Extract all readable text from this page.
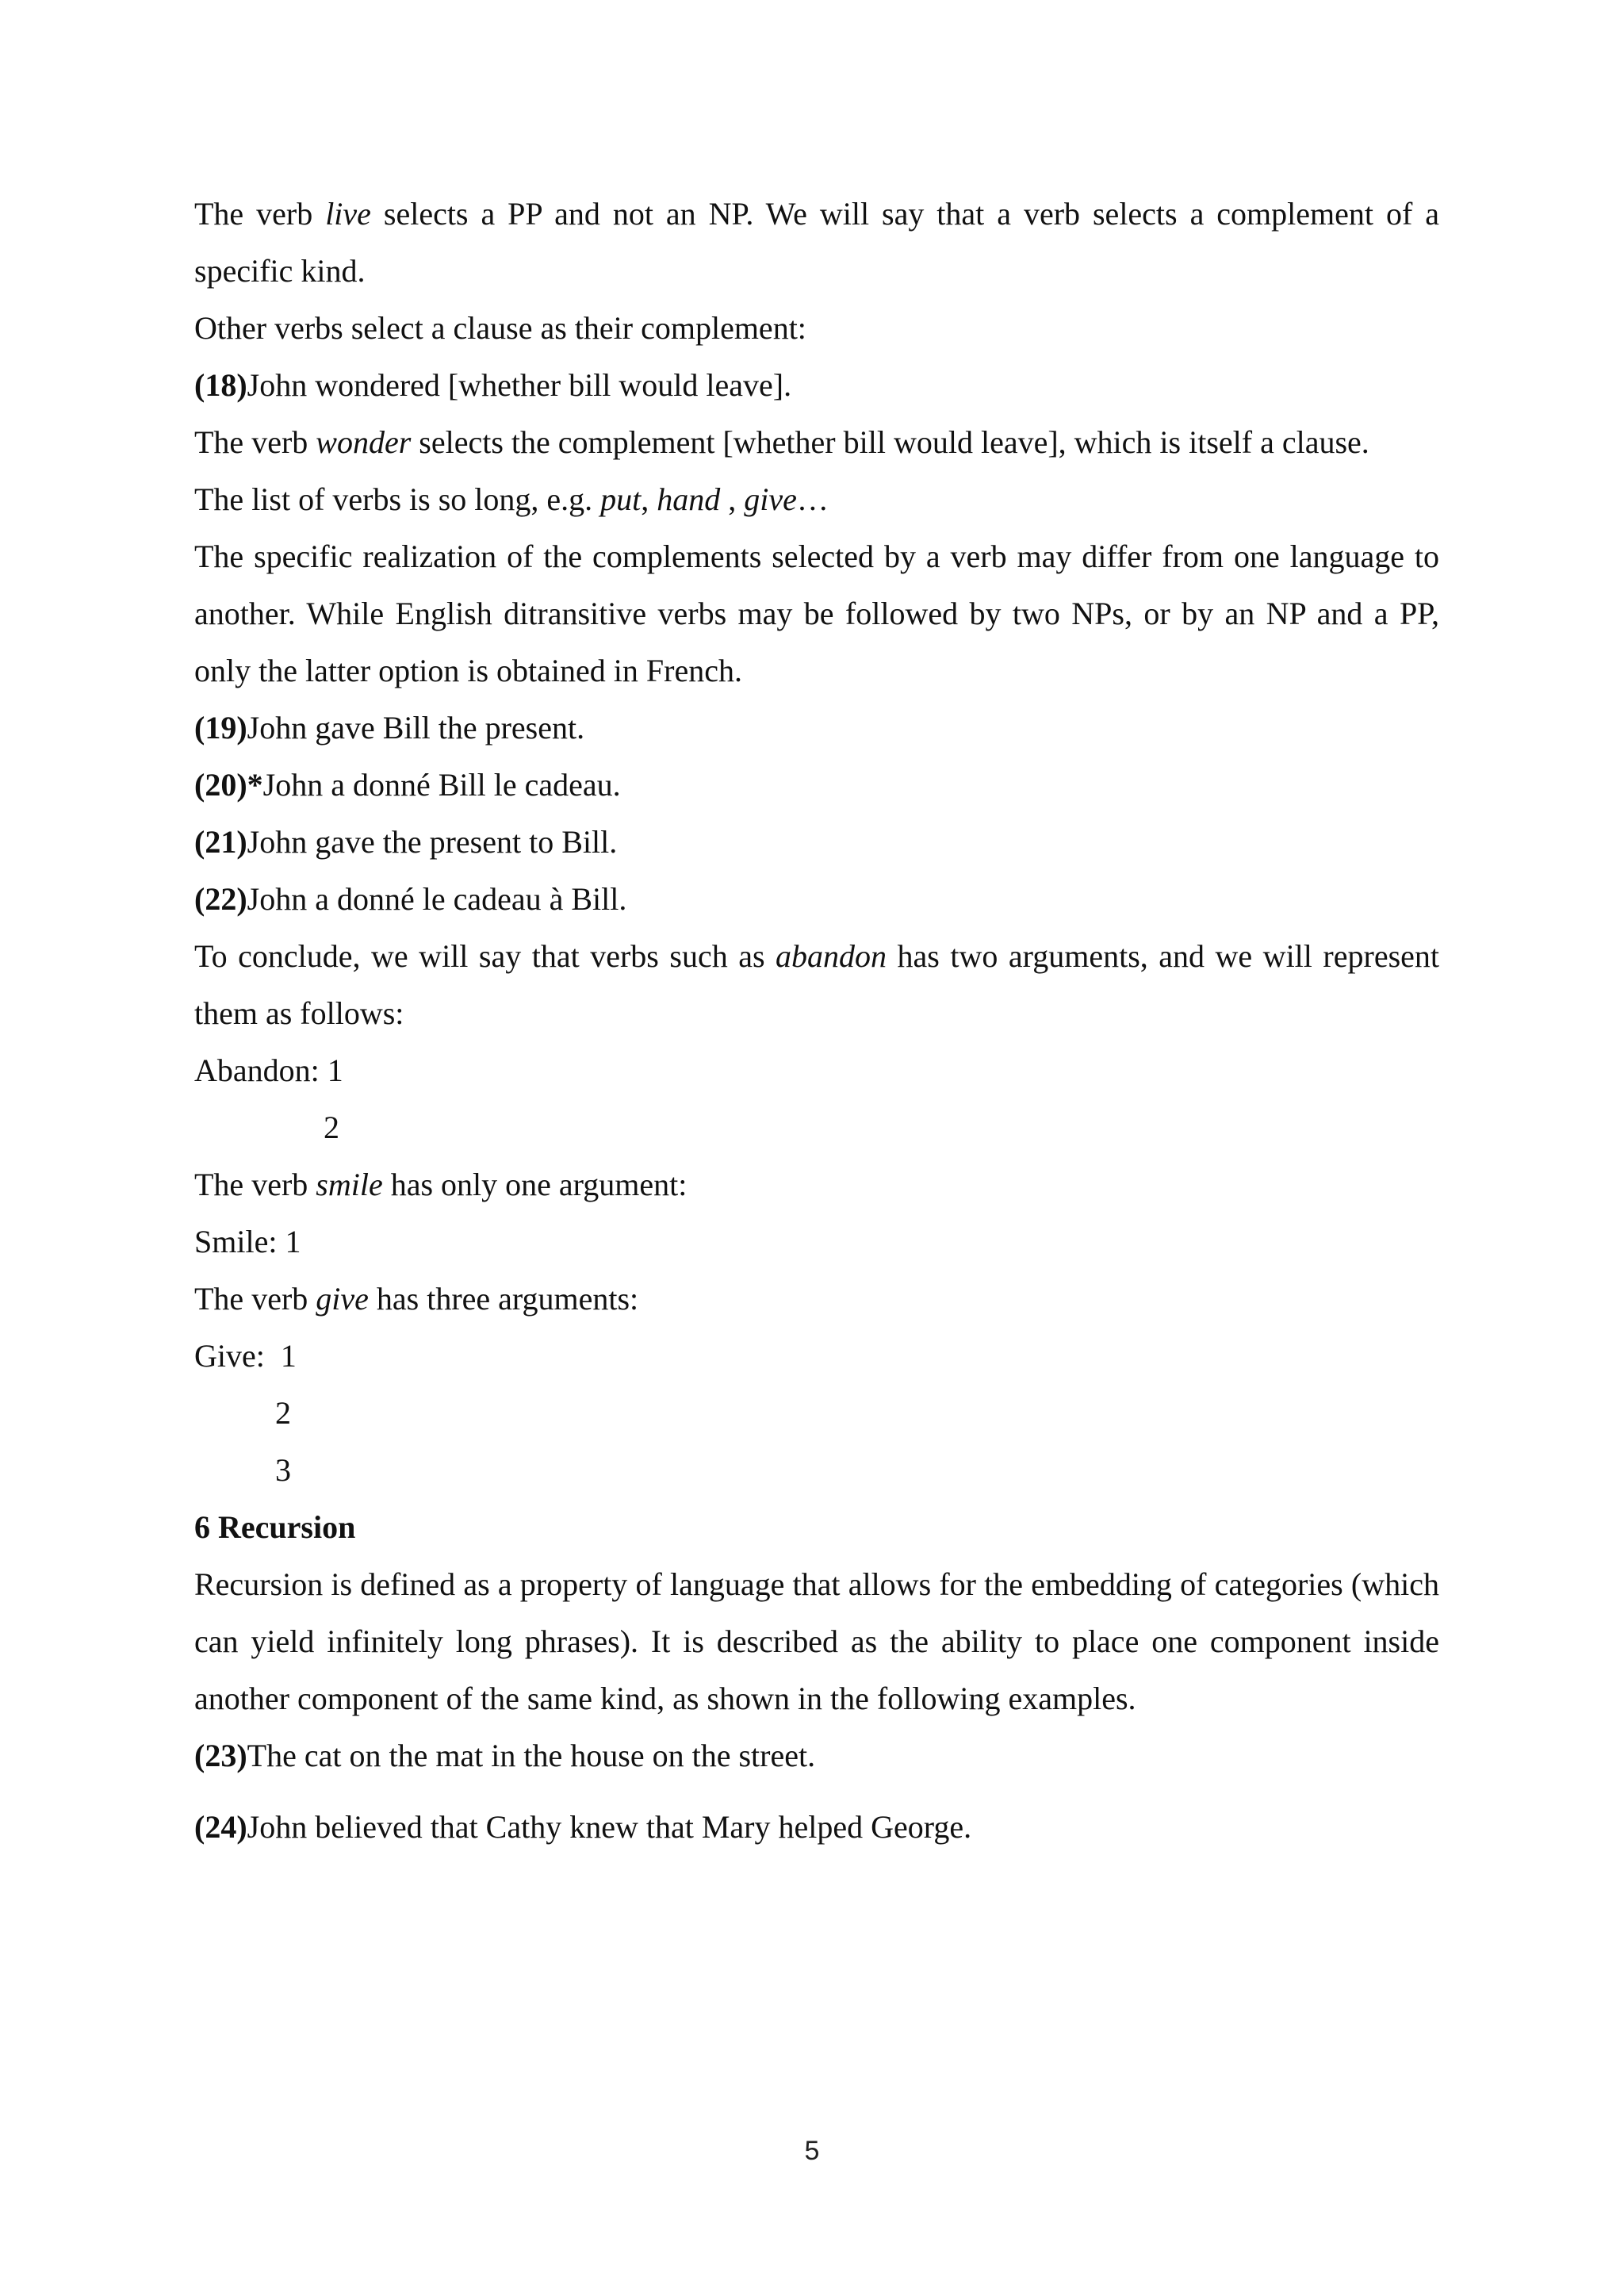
The verb live selects a PP and not an NP. We will say that a verb selects a complement of a specific kind.

Other verbs select a clause as their complement:

(18)John wondered [whether bill would leave].

The verb wonder selects the complement [whether bill would leave], which is itself a clause.

The list of verbs is so long, e.g. put, hand , give…

The specific realization of the complements selected by a verb may differ from one language to another. While English ditransitive verbs may be followed by two NPs, or by an NP and a PP, only the latter option is obtained in French.

(19)John gave Bill the present.

(20)*John a donné Bill le cadeau.

(21)John gave the present to Bill.

(22)John a donné le cadeau à Bill.

To conclude, we will say that verbs such as abandon has two arguments, and we will represent them as follows:

Abandon: 1

2

The verb smile has only one argument:

Smile: 1

The verb give has three arguments:

Give:  1

2

3

6 Recursion

Recursion is defined as a property of language that allows for the embedding of categories (which can yield infinitely long phrases). It is described as the ability to place one component inside another component of the same kind, as shown in the following examples.

(23)The cat on the mat in the house on the street.

(24)John believed that Cathy knew that Mary helped George.

5
